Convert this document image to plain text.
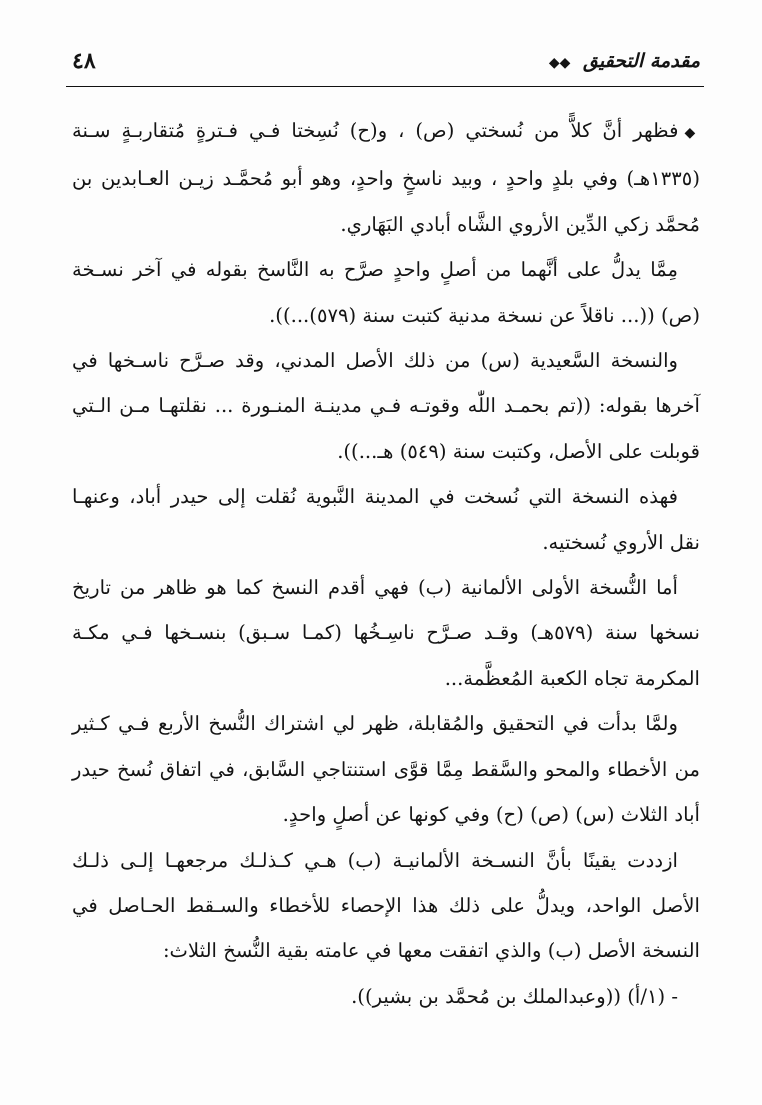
مقدمة التحقيق ◆◆
٤٨

◆فظهر أنَّ كلاًّ من نُسختي (ص) ، و(ح) نُسِختا فـي فـترةٍ مُتقاربـةٍ سـنة (١٣٣٥هـ) وفي بلدٍ واحدٍ ، وبيد ناسخٍ واحدٍ، وهو أبو مُحمَّـد زيـن العـابدين بن مُحمَّد زكي الدِّين الأروي الشَّاه أبادي البَهَاري.

مِمَّا يدلُّ على أنَّهما من أصلٍ واحدٍ صرَّح به النَّاسخ بقوله في آخر نسـخة (ص) ((... ناقلاً عن نسخة مدنية كتبت سنة (٥٧٩)...)).

والنسخة السَّعيدية (س) من ذلك الأصل المدني، وقد صـرَّح ناسـخها في آخرها بقوله: ((تم بحمـد اللّٰه وقوتـه فـي مدينـة المنـورة ... نقلتهـا مـن الـتي قوبلت على الأصل، وكتبت سنة (٥٤٩) هـ...)).

فهذه النسخة التي نُسخت في المدينة النَّبوية نُقلت إلى حيدر أباد، وعنهـا نقل الأروي نُسختيه.

أما النُّسخة الأولى الألمانية (ب) فهي أقدم النسخ كما هو ظاهر من تاريخ نسخها سنة (٥٧٩هـ) وقـد صـرَّح ناسِـخُها (كمـا سـبق) بنسـخها فـي مكـة المكرمة تجاه الكعبة المُعظَّمة...

ولمَّا بدأت في التحقيق والمُقابلة، ظهر لي اشتراك النُّسخ الأربع فـي كـثير من الأخطاء والمحو والسَّقط مِمَّا قوَّى استنتاجي السَّابق، في اتفاق نُسخ حيدر أباد الثلاث (س) (ص) (ح) وفي كونها عن أصلٍ واحدٍ.

ازددت يقينًا بأنَّ النسـخة الألمانيـة (ب) هـي كـذلـك مرجعهـا إلـى ذلـك الأصل الواحد، ويدلُّ على ذلك هذا الإحصاء للأخطاء والسـقط الحـاصل في النسخة الأصل (ب) والذي اتفقت معها في عامته بقية النُّسخ الثلاث:

- (١/أ) ((وعبدالملك بن مُحمَّد بن بشير)).
